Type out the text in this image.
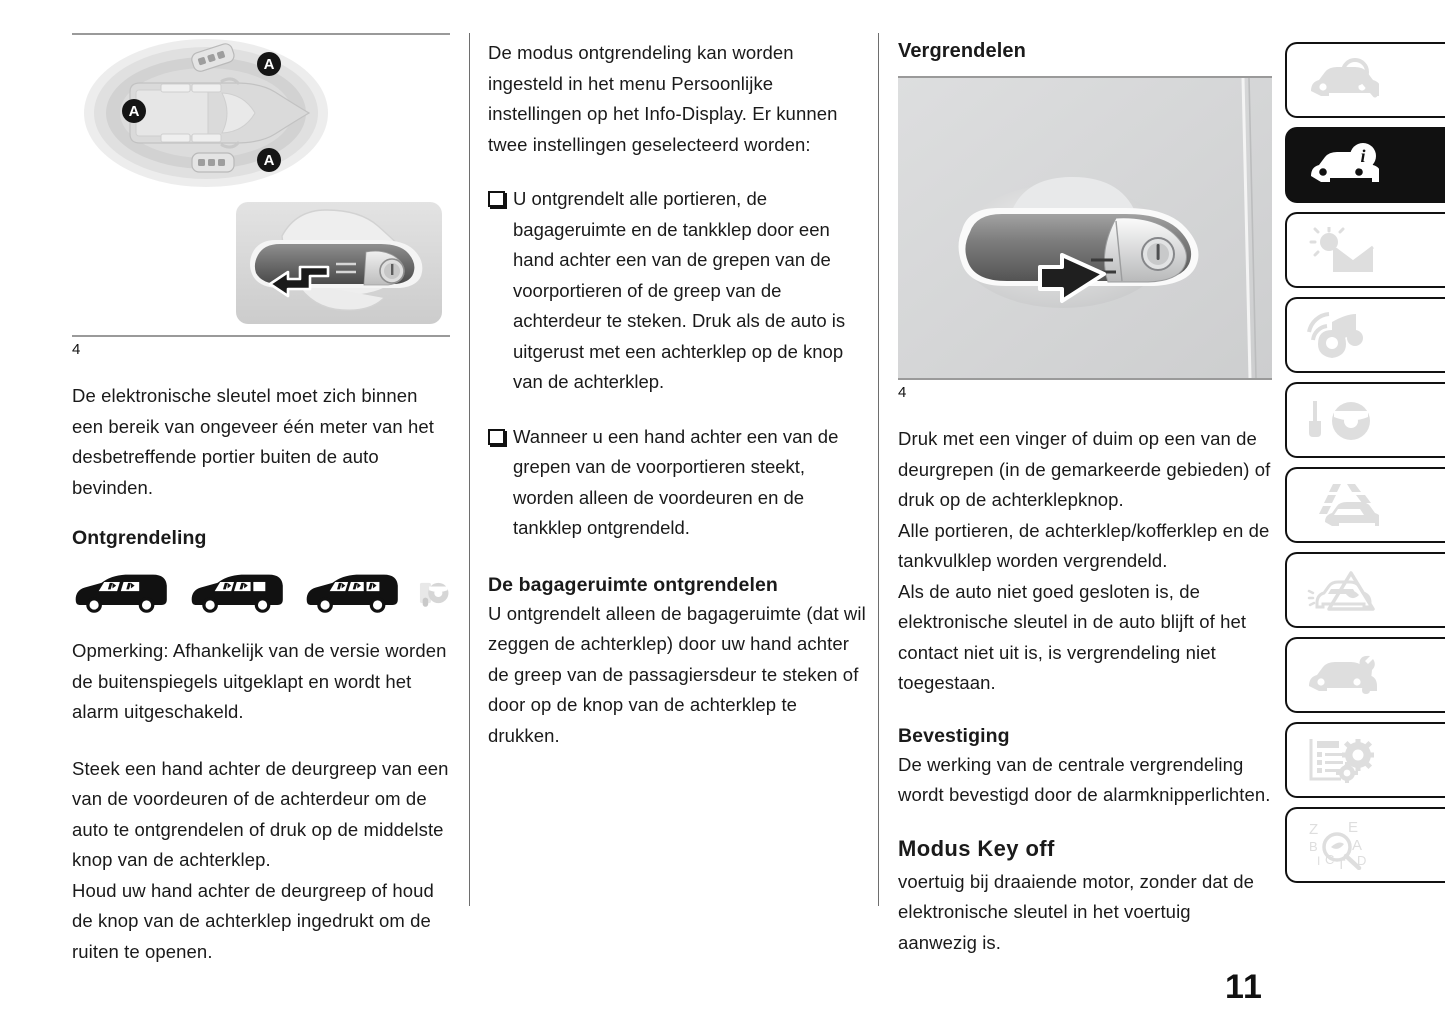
A
A
A
4

De elektronische sleutel moet zich binnen een bereik van ongeveer één meter van het desbetreffende portier buiten de auto bevinden.

Ontgrendeling

Opmerking: Afhankelijk van de versie worden de buitenspiegels uitgeklapt en wordt het alarm uitgeschakeld.

Steek een hand achter de deurgreep van een van de voordeuren of de achterdeur om de auto te ontgrendelen of druk op de middelste knop van de achterklep.
Houd uw hand achter de deurgreep of houd de knop van de achterklep ingedrukt om de ruiten te openen.

De modus ontgrendeling kan worden ingesteld in het menu Persoonlijke instellingen op het Info-Display. Er kunnen twee instellingen geselecteerd worden:

U ontgrendelt alle portieren, de bagageruimte en de tankklep door een hand achter een van de grepen van de voorportieren of de greep van de achterdeur te steken. Druk als de auto is uitgerust met een achterklep op de knop van de achterklep.
Wanneer u een hand achter een van de grepen van de voorportieren steekt, worden alleen de voordeuren en de tankklep ontgrendeld.
De bagageruimte ontgrendelen

U ontgrendelt alleen de bagageruimte (dat wil zeggen de achterklep) door uw hand achter de greep van de passagiersdeur te steken of door op de knop van de achterklep te drukken.

Vergrendelen
4

Druk met een vinger of duim op een van de deurgrepen (in de gemarkeerde gebieden) of druk op de achterklepknop.
Alle portieren, de achterklep/kofferklep en de tankvulklep worden vergrendeld.
Als de auto niet goed gesloten is, de elektronische sleutel in de auto blijft of het contact niet uit is, is vergrendeling niet toegestaan.

Bevestiging

De werking van de centrale vergrendeling wordt bevestigd door de alarmknipperlichten.

Modus Key off

voertuig bij draaiende motor, zonder dat de elektronische sleutel in het voertuig aanwezig is.

i
Z
B
I C T
E
A
D
11
